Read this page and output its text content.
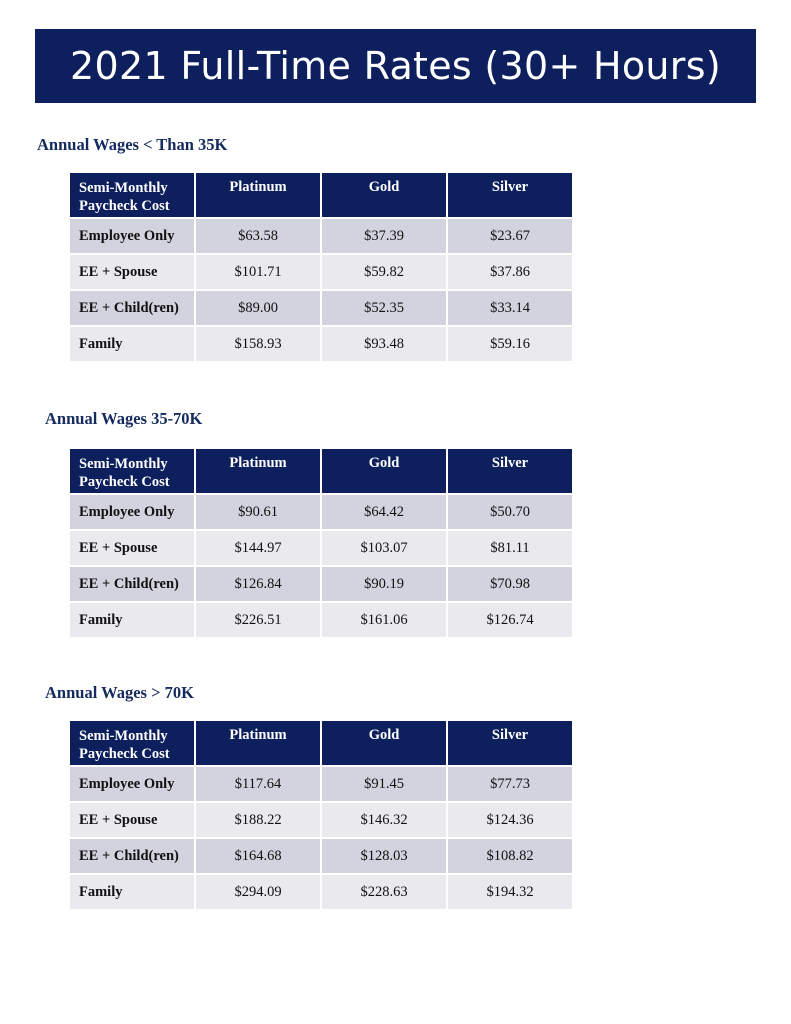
2021 Full-Time Rates (30+ Hours)
Annual Wages < Than 35K
Semi-Monthly
Paycheck Cost	Platinum	Gold	Silver
Employee Only	$63.58	$37.39	$23.67
EE + Spouse	$101.71	$59.82	$37.86
EE + Child(ren)	$89.00	$52.35	$33.14
Family	$158.93	$93.48	$59.16
Annual Wages 35-70K
Semi-Monthly
Paycheck Cost	Platinum	Gold	Silver
Employee Only	$90.61	$64.42	$50.70
EE + Spouse	$144.97	$103.07	$81.11
EE + Child(ren)	$126.84	$90.19	$70.98
Family	$226.51	$161.06	$126.74
Annual Wages > 70K
Semi-Monthly
Paycheck Cost	Platinum	Gold	Silver
Employee Only	$117.64	$91.45	$77.73
EE + Spouse	$188.22	$146.32	$124.36
EE + Child(ren)	$164.68	$128.03	$108.82
Family	$294.09	$228.63	$194.32
